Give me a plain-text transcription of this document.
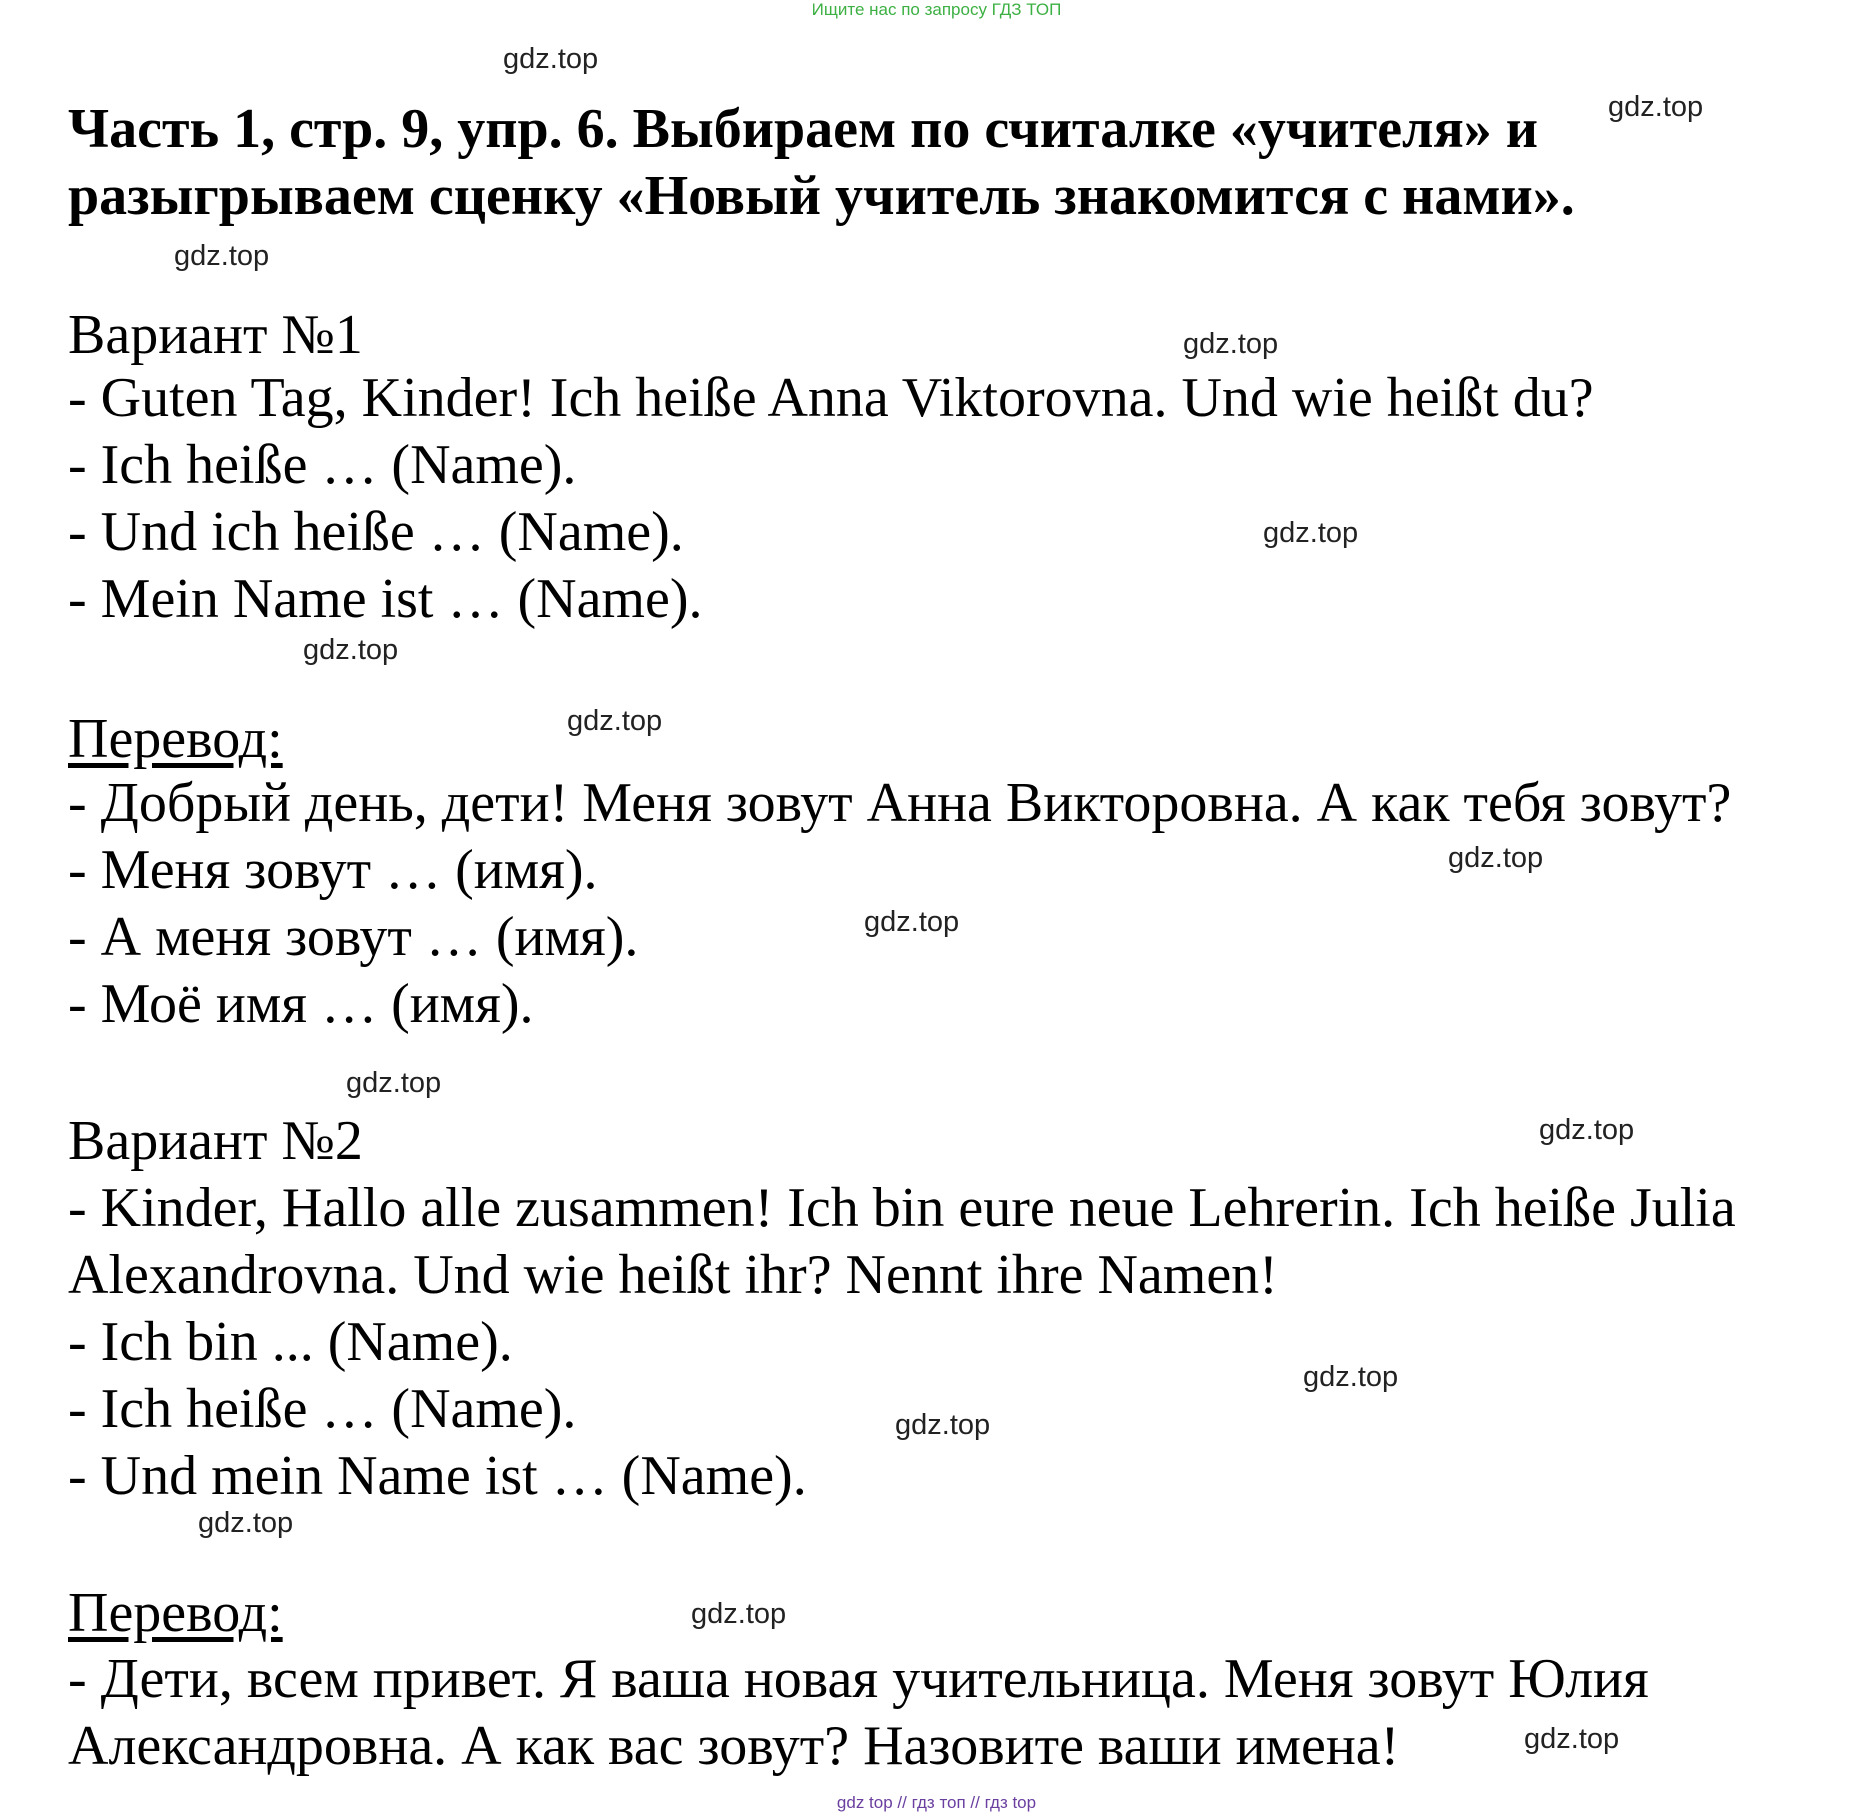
Ищите нас по запросу ГДЗ ТОП
Часть 1, стр. 9, упр. 6. Выбираем по считалке «учителя» и разыгрываем сценку «Новый учитель знакомится с нами».
Вариант №1
- Guten Tag, Kinder! Ich heiße Anna Viktorovna. Und wie heißt du?
- Ich heiße … (Name).
- Und ich heiße … (Name).
- Mein Name ist … (Name).
Перевод:
- Добрый день, дети! Меня зовут Анна Викторовна. А как тебя зовут?
- Меня зовут … (имя).
- А меня зовут … (имя).
- Моё имя … (имя).
Вариант №2
- Kinder, Hallo alle zusammen! Ich bin eure neue Lehrerin. Ich heiße Julia
Alexandrovna. Und wie heißt ihr? Nennt ihre Namen!
- Ich bin ... (Name).
- Ich heiße … (Name).
- Und mein Name ist … (Name).
Перевод:
- Дети, всем привет. Я ваша новая учительница. Меня зовут Юлия
Александровна. А как вас зовут? Назовите ваши имена!
gdz.top
gdz.top
gdz.top
gdz.top
gdz.top
gdz.top
gdz.top
gdz.top
gdz.top
gdz.top
gdz.top
gdz.top
gdz.top
gdz.top
gdz.top
gdz.top
gdz top // гдз топ // гдз top
